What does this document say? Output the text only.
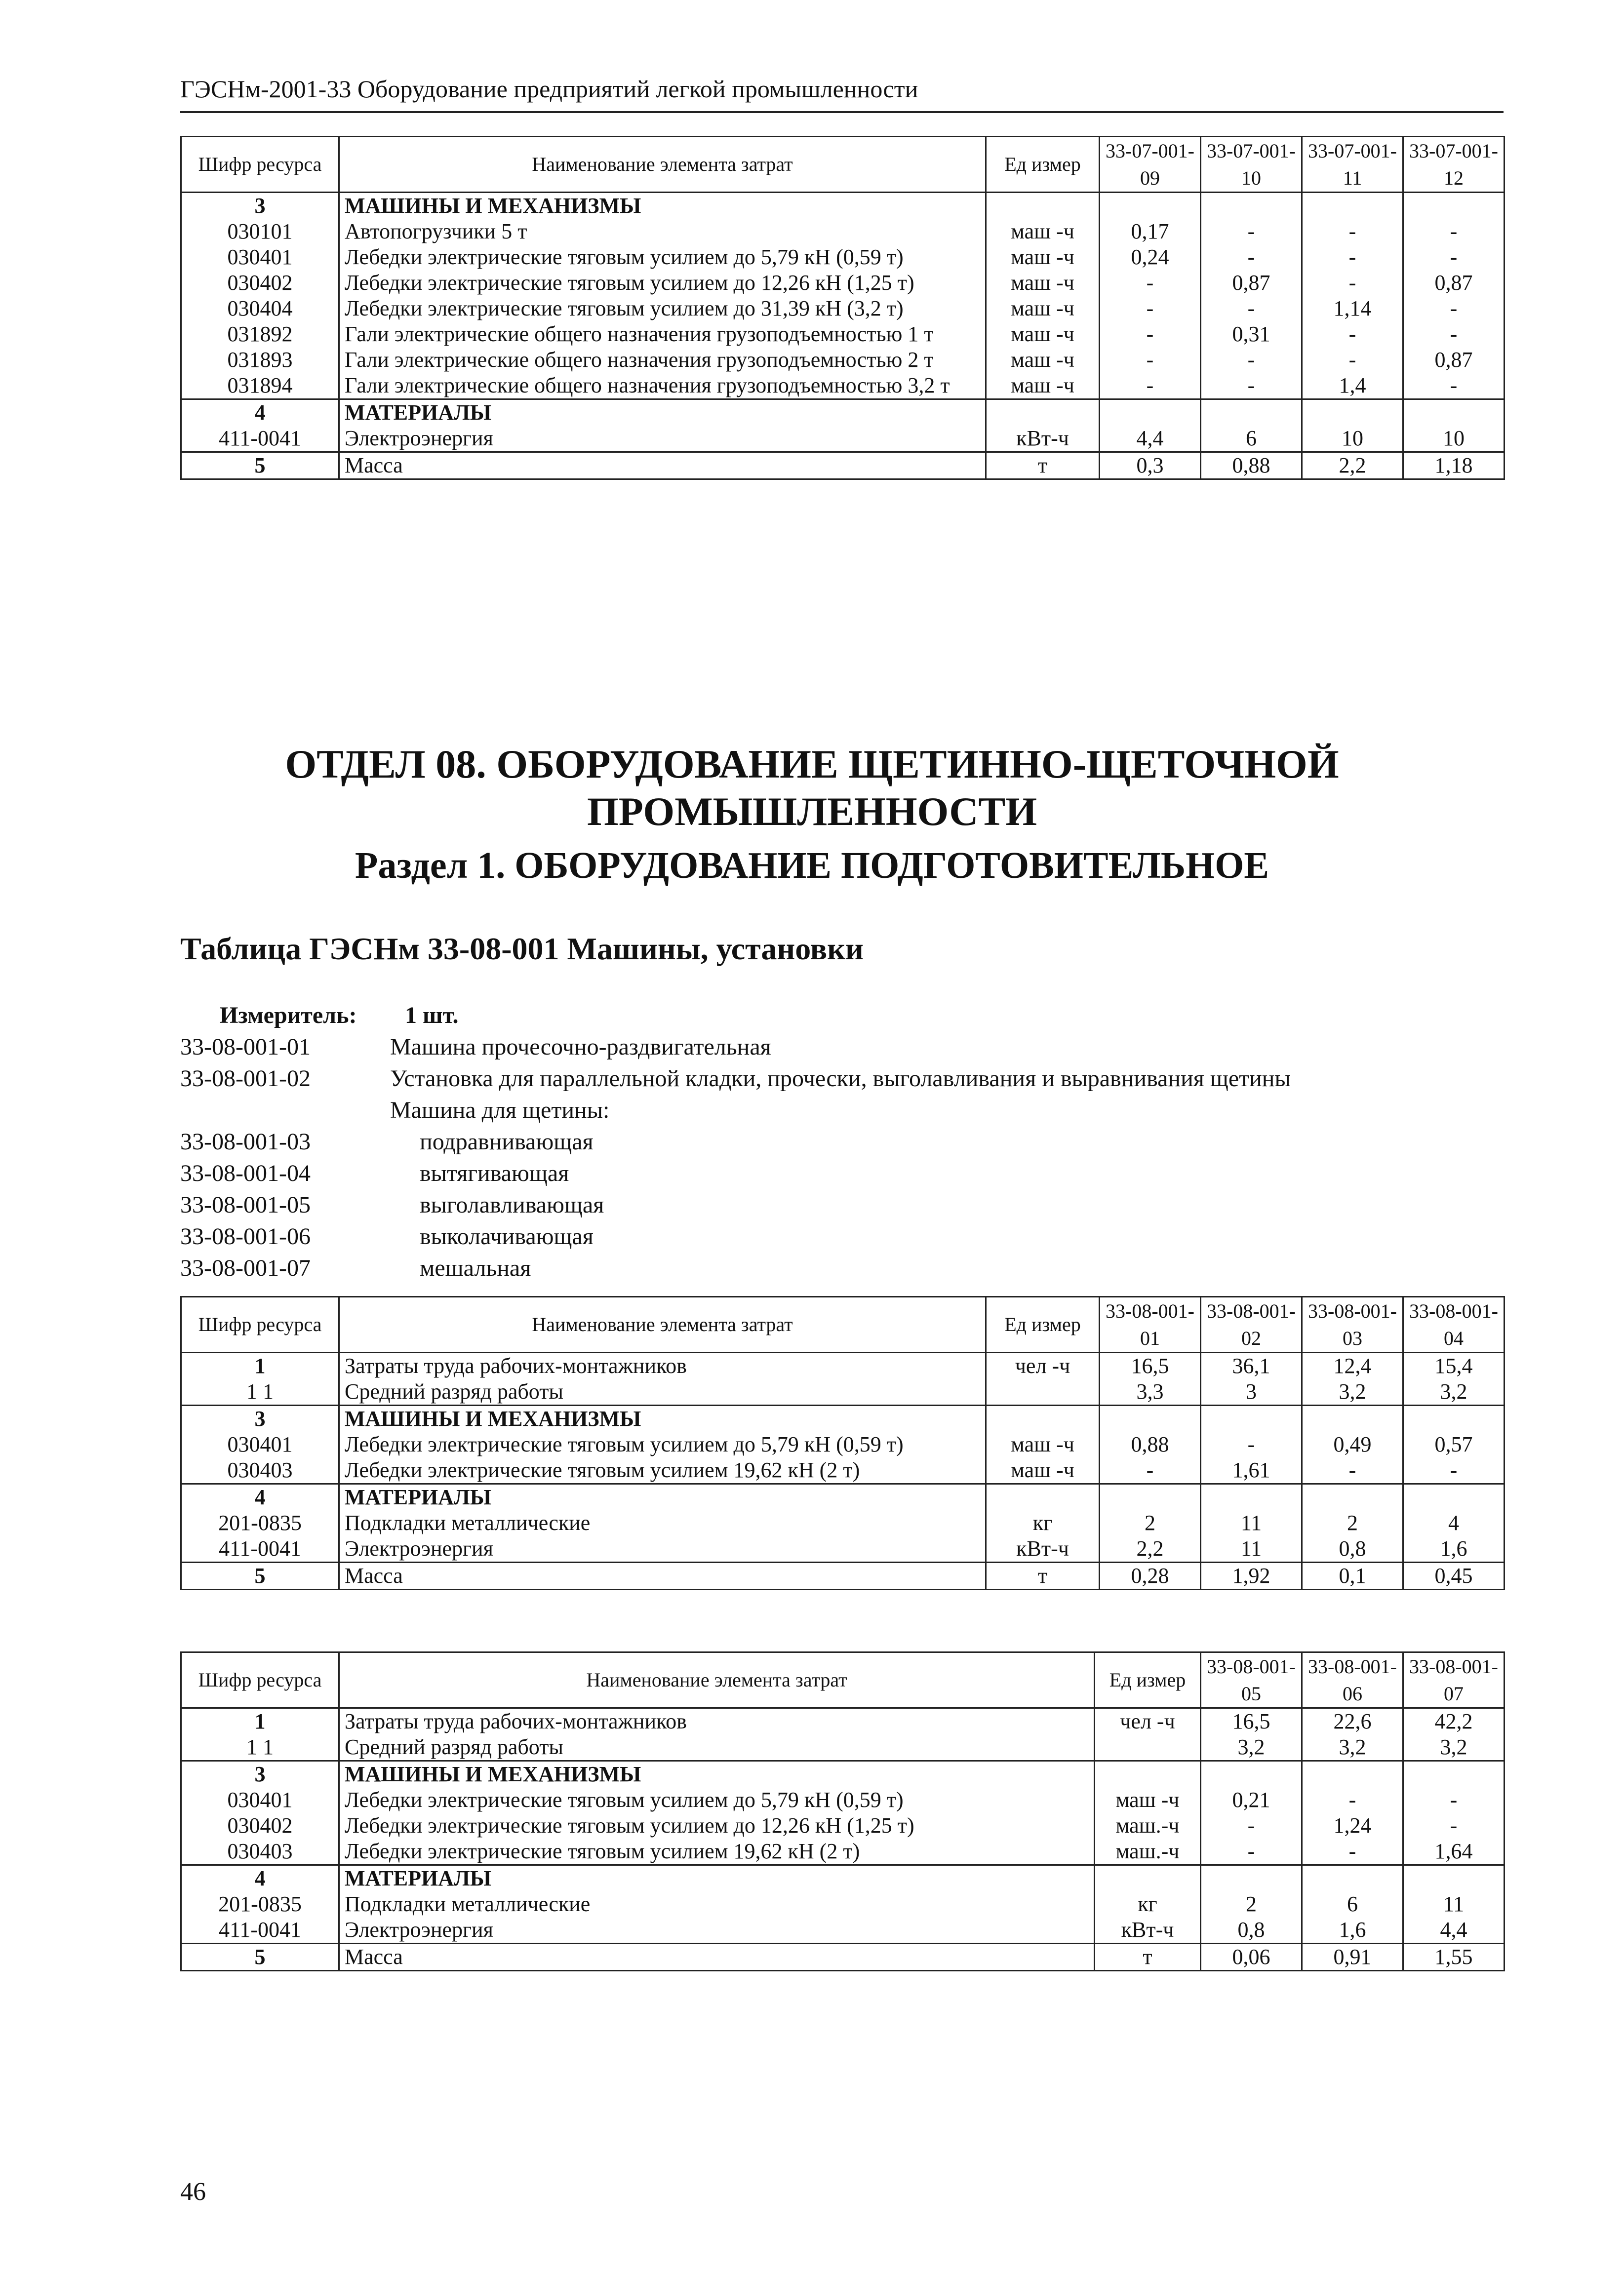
ГЭСНм-2001-33 Оборудование предприятий легкой промышленности
Шифр ресурса	Наименование элемента затрат	Ед измер	33-07-001-09	33-07-001-10	33-07-001-11	33-07-001-12
3	МАШИНЫ И МЕХАНИЗМЫ					
030101	Автопогрузчики 5 т	маш -ч	0,17	-	-	-
030401	Лебедки электрические тяговым усилием до 5,79 кН (0,59 т)	маш -ч	0,24	-	-	-
030402	Лебедки электрические тяговым усилием до 12,26 кН (1,25 т)	маш -ч	-	0,87	-	0,87
030404	Лебедки электрические тяговым усилием до 31,39 кН (3,2 т)	маш -ч	-	-	1,14	-
031892	Гали электрические общего назначения грузоподъемностью 1 т	маш -ч	-	0,31	-	-
031893	Гали электрические общего назначения грузоподъемностью 2 т	маш -ч	-	-	-	0,87
031894	Гали электрические общего назначения грузоподъемностью 3,2 т	маш -ч	-	-	1,4	-
4	МАТЕРИАЛЫ					
411-0041	Электроэнергия	кВт-ч	4,4	6	10	10
5	Масса	т	0,3	0,88	2,2	1,18
ОТДЕЛ 08. ОБОРУДОВАНИЕ ЩЕТИННО-ЩЕТОЧНОЙ
ПРОМЫШЛЕННОСТИ
Раздел 1. ОБОРУДОВАНИЕ ПОДГОТОВИТЕЛЬНОЕ
Таблица ГЭСНм 33-08-001 Машины, установки
Измеритель: 1 шт.
33-08-001-01	Машина прочесочно-раздвигательная
33-08-001-02	Установка для параллельной кладки, прочески, выголавливания и выравнивания щетины
Машина для щетины:
33-08-001-03	подравнивающая
33-08-001-04	вытягивающая
33-08-001-05	выголавливающая
33-08-001-06	выколачивающая
33-08-001-07	мешальная
Шифр ресурса	Наименование элемента затрат	Ед измер	33-08-001-01	33-08-001-02	33-08-001-03	33-08-001-04
1	Затраты труда рабочих-монтажников	чел -ч	16,5	36,1	12,4	15,4
1 1	Средний разряд работы		3,3	3	3,2	3,2
3	МАШИНЫ И МЕХАНИЗМЫ					
030401	Лебедки электрические тяговым усилием до 5,79 кН (0,59 т)	маш -ч	0,88	-	0,49	0,57
030403	Лебедки электрические тяговым усилием 19,62 кН (2 т)	маш -ч	-	1,61	-	-
4	МАТЕРИАЛЫ					
201-0835	Подкладки металлические	кг	2	11	2	4
411-0041	Электроэнергия	кВт-ч	2,2	11	0,8	1,6
5	Масса	т	0,28	1,92	0,1	0,45
Шифр ресурса	Наименование элемента затрат	Ед измер	33-08-001-05	33-08-001-06	33-08-001-07
1	Затраты труда рабочих-монтажников	чел -ч	16,5	22,6	42,2
1 1	Средний разряд работы		3,2	3,2	3,2
3	МАШИНЫ И МЕХАНИЗМЫ				
030401	Лебедки электрические тяговым усилием до 5,79 кН (0,59 т)	маш -ч	0,21	-	-
030402	Лебедки электрические тяговым усилием до 12,26 кН (1,25 т)	маш.-ч	-	1,24	-
030403	Лебедки электрические тяговым усилием 19,62 кН (2 т)	маш.-ч	-	-	1,64
4	МАТЕРИАЛЫ				
201-0835	Подкладки металлические	кг	2	6	11
411-0041	Электроэнергия	кВт-ч	0,8	1,6	4,4
5	Масса	т	0,06	0,91	1,55
46
